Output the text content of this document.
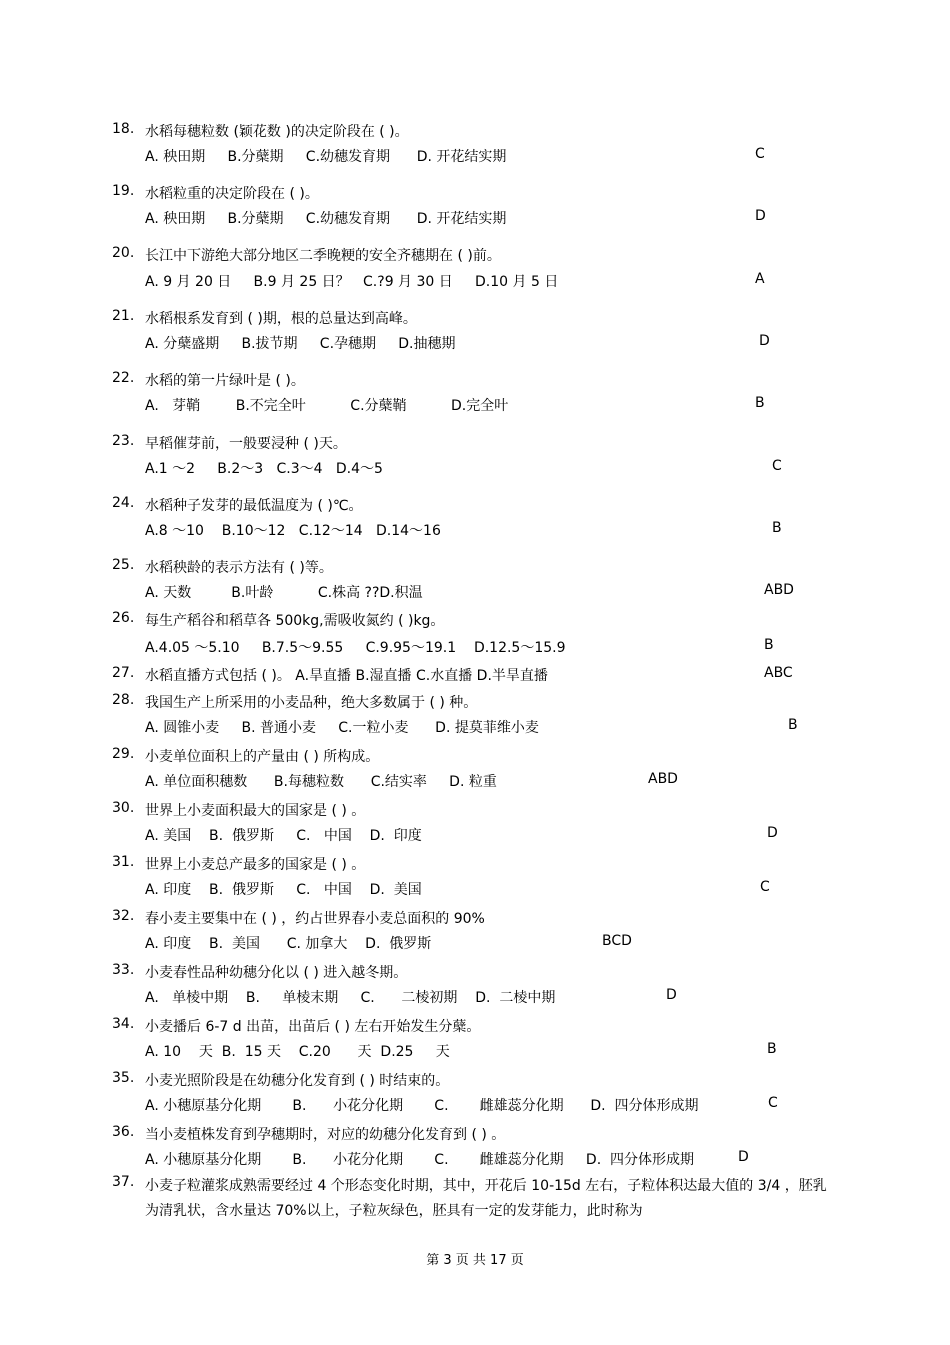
18. 水稻每穗粒数 (颖花数 )的决定阶段在 ( )。
A. 秧田期     B.分蘖期     C.幼穗发育期      D. 开花结实期	C
19. 水稻粒重的决定阶段在 ( )。
A. 秧田期     B.分蘖期     C.幼穗发育期      D. 开花结实期	D
20. 长江中下游绝大部分地区二季晚粳的安全齐穗期在 ( )前。
A. 9 月 20 日     B.9 月 25 日？   C.?9 月 30 日     D.10 月 5 日	A
21. 水稻根系发育到 ( )期，根的总量达到高峰。
A. 分蘖盛期     B.拔节期     C.孕穗期     D.抽穗期	D
22. 水稻的第一片绿叶是 ( )。
A.   芽鞘        B.不完全叶          C.分蘖鞘          D.完全叶	B
23. 早稻催芽前，一般要浸种 ( )天。
A.1 ～2     B.2～3   C.3～4   D.4～5	C
24. 水稻种子发芽的最低温度为 ( )℃。
A.8 ～10    B.10～12   C.12～14   D.14～16	B
25. 水稻秧龄的表示方法有 ( )等。
A. 天数         B.叶龄          C.株高 ??D.积温	ABD
26. 每生产稻谷和稻草各 500kg,需吸收氮约 ( )kg。
A.4.05 ～5.10     B.7.5～9.55     C.9.95～19.1    D.12.5～15.9	B
27. 水稻直播方式包括 ( )。 A.旱直播 B.湿直播 C.水直播 D.半旱直播	ABC
28. 我国生产上所采用的小麦品种，绝大多数属于 ( ) 种。
A. 圆锥小麦     B. 普通小麦     C.一粒小麦      D. 提莫菲维小麦	B
29. 小麦单位面积上的产量由 ( ) 所构成。
A. 单位面积穗数      B.每穗粒数      C.结实率     D. 粒重	ABD
30. 世界上小麦面积最大的国家是 ( ) 。
A. 美国    B.  俄罗斯     C.   中国    D.  印度	D
31. 世界上小麦总产最多的国家是 ( ) 。
A. 印度    B.  俄罗斯     C.   中国    D.  美国	C
32. 春小麦主要集中在 ( ) ，约占世界春小麦总面积的 90%
A. 印度    B.  美国      C. 加拿大    D.  俄罗斯	BCD
33. 小麦春性品种幼穗分化以 ( ) 进入越冬期。
A.   单棱中期    B.     单棱末期     C.      二棱初期    D.  二棱中期	D
34. 小麦播后 6-7 d 出苗，出苗后 ( ) 左右开始发生分蘖。
A. 10    天  B.  15 天    C.20      天  D.25     天	B
35. 小麦光照阶段是在幼穗分化发育到 ( ) 时结束的。
A. 小穗原基分化期       B.      小花分化期       C.       雌雄蕊分化期      D.  四分体形成期	C
36. 当小麦植株发育到孕穗期时，对应的幼穗分化发育到 ( ) 。
A. 小穗原基分化期       B.      小花分化期       C.       雌雄蕊分化期     D.  四分体形成期	D
37. 小麦子粒灌浆成熟需要经过 4 个形态变化时期，其中，开花后 10-15d 左右，子粒体积达最大值的 3/4 ，胚乳为清乳状，含水量达 70%以上，子粒灰绿色，胚具有一定的发芽能力，此时称为
第 3 页 共 17 页
